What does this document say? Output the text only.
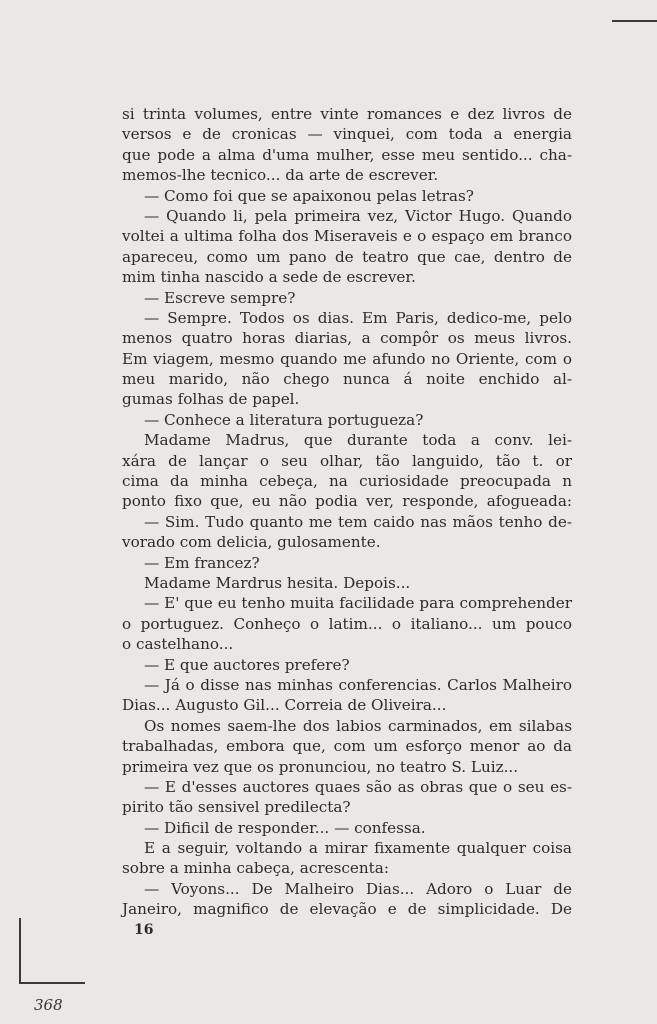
si trinta volumes, entre vinte romances e dez livros de
versos e de cronicas — vinquei, com toda a energia
que pode a alma d'uma mulher, esse meu sentido... cha-
memos-lhe tecnico... da arte de escrever.
— Como foi que se apaixonou pelas letras?
— Quando li, pela primeira vez, Victor Hugo. Quando
voltei a ultima folha dos Miseraveis e o espaço em branco
apareceu, como um pano de teatro que cae, dentro de
mim tinha nascido a sede de escrever.
— Escreve sempre?
— Sempre. Todos os dias. Em Paris, dedico-me, pelo
menos quatro horas diarias, a compôr os meus livros.
Em viagem, mesmo quando me afundo no Oriente, com o
meu marido, não chego nunca á noite enchido al-
gumas folhas de papel.
— Conhece a literatura portugueza?
Madame Madrus, que durante toda a conv. lei-
xára de lançar o seu olhar, tão languido, tão t. or
cima da minha cebeça, na curiosidade preocupada n
ponto fixo que, eu não podia ver, responde, afogueada:
— Sim. Tudo quanto me tem caido nas mãos tenho de-
vorado com delicia, gulosamente.
— Em francez?
Madame Mardrus hesita. Depois...
— E' que eu tenho muita facilidade para comprehender
o portuguez. Conheço o latim... o italiano... um pouco
o castelhano...
— E que auctores prefere?
— Já o disse nas minhas conferencias. Carlos Malheiro
Dias... Augusto Gil... Correia de Oliveira...
Os nomes saem-lhe dos labios carminados, em silabas
trabalhadas, embora que, com um esforço menor ao da
primeira vez que os pronunciou, no teatro S. Luiz...
— E d'esses auctores quaes são as obras que o seu es-
pirito tão sensivel predilecta?
— Dificil de responder... — confessa.
E a seguir, voltando a mirar fixamente qualquer coisa
sobre a minha cabeça, acrescenta:
— Voyons... De Malheiro Dias... Adoro o Luar de
Janeiro, magnifico de elevação e de simplicidade. De
16
368
